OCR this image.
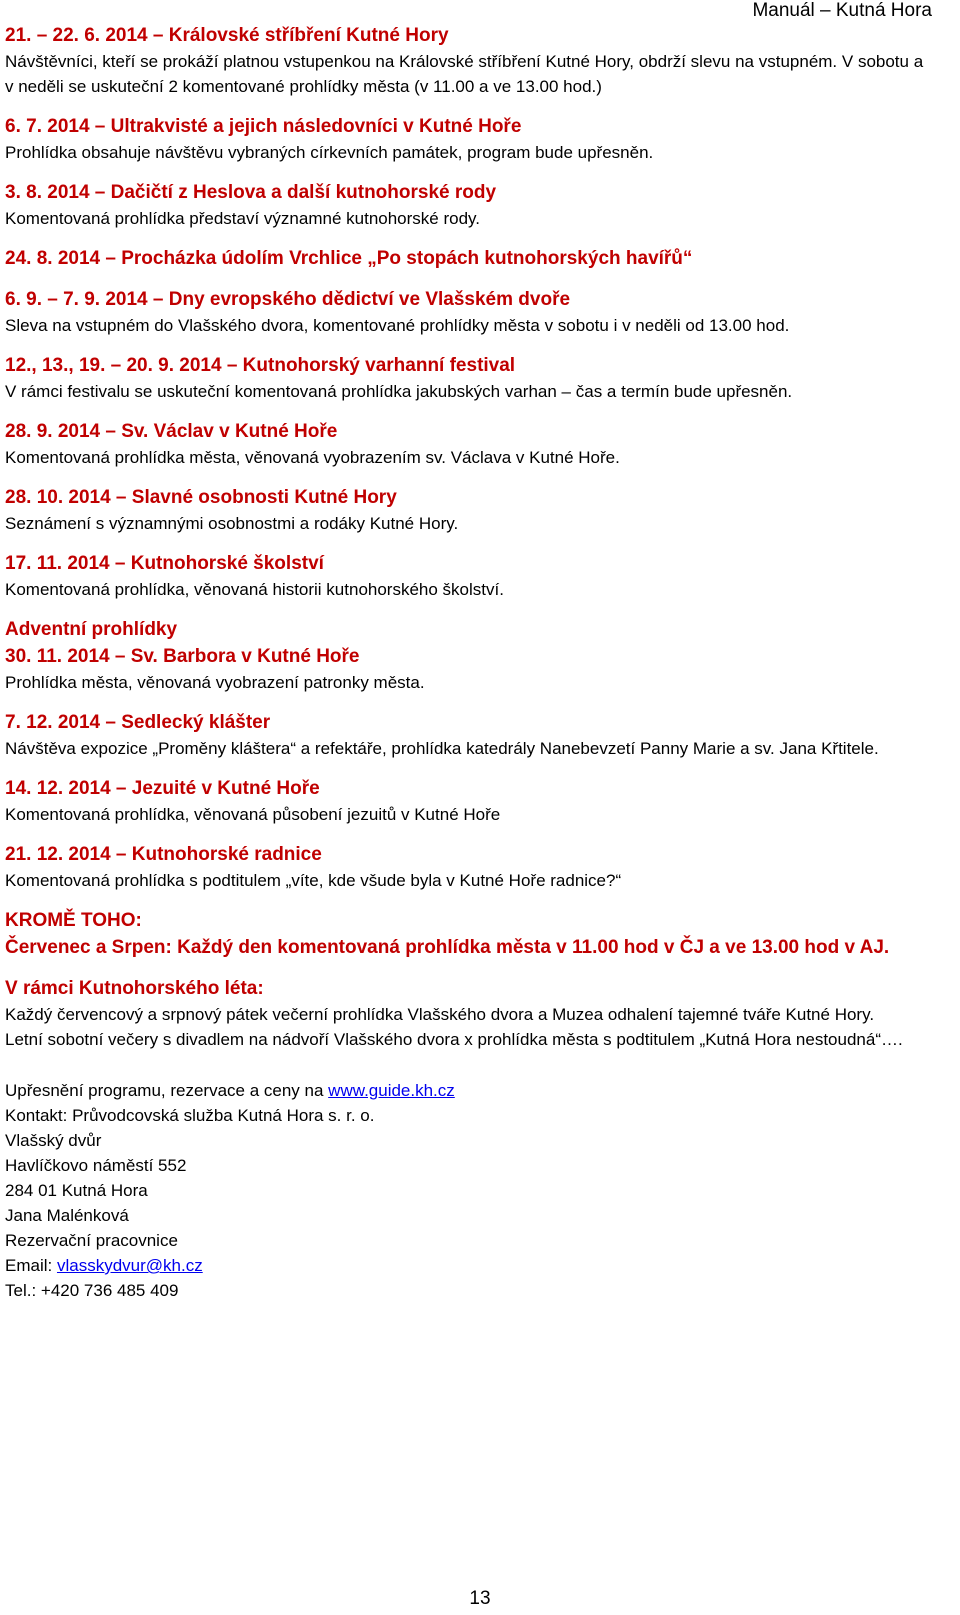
Manuál – Kutná Hora
21. – 22. 6. 2014 – Královské stříbření Kutné Hory
Návštěvníci, kteří se prokáží platnou vstupenkou na Královské stříbření Kutné Hory, obdrží slevu na vstupném. V sobotu a v neděli se uskuteční 2 komentované prohlídky města (v 11.00 a ve 13.00 hod.)
6. 7. 2014 – Ultrakvisté a jejich následovníci v Kutné Hoře
Prohlídka obsahuje návštěvu vybraných církevních památek, program bude upřesněn.
3. 8. 2014 – Dačičtí z Heslova a další kutnohorské rody
Komentovaná prohlídka představí významné kutnohorské rody.
24. 8. 2014 – Procházka údolím Vrchlice „Po stopách kutnohorských havířů“
6. 9. – 7. 9. 2014 – Dny evropského dědictví ve Vlašském dvoře
Sleva na vstupném do Vlašského dvora, komentované prohlídky města v sobotu i v neděli od 13.00 hod.
12., 13., 19. – 20. 9. 2014 – Kutnohorský varhanní festival
V rámci festivalu se uskuteční komentovaná prohlídka jakubských varhan – čas a termín bude upřesněn.
28. 9. 2014 – Sv. Václav v Kutné Hoře
Komentovaná prohlídka města, věnovaná vyobrazením sv. Václava v Kutné Hoře.
28. 10. 2014 – Slavné osobnosti Kutné Hory
Seznámení s významnými osobnostmi a rodáky Kutné Hory.
17. 11. 2014 – Kutnohorské školství
Komentovaná prohlídka, věnovaná historii kutnohorského školství.
Adventní prohlídky
30. 11. 2014 – Sv. Barbora v Kutné Hoře
Prohlídka města, věnovaná vyobrazení patronky města.
7. 12. 2014 – Sedlecký klášter
Návštěva expozice „Proměny kláštera“ a refektáře, prohlídka katedrály Nanebevzetí Panny Marie a sv. Jana Křtitele.
14. 12. 2014 – Jezuité v Kutné Hoře
Komentovaná prohlídka, věnovaná působení jezuitů v Kutné Hoře
21. 12. 2014 – Kutnohorské radnice
Komentovaná prohlídka s podtitulem „víte, kde všude byla v Kutné Hoře radnice?“
KROMĚ TOHO:
Červenec a Srpen: Každý den komentovaná prohlídka města v 11.00 hod v ČJ a ve 13.00 hod v AJ.
V rámci Kutnohorského léta:
Každý červencový a srpnový pátek večerní prohlídka Vlašského dvora a Muzea odhalení tajemné tváře Kutné Hory.
Letní sobotní večery s divadlem na nádvoří Vlašského dvora x prohlídka města s podtitulem „Kutná Hora nestoudná“….
Upřesnění programu, rezervace a ceny na www.guide.kh.cz
Kontakt: Průvodcovská služba Kutná Hora s. r. o.
Vlašský dvůr
Havlíčkovo náměstí 552
284 01 Kutná Hora
Jana Malénková
Rezervační pracovnice
Email: vlasskydvur@kh.cz
Tel.: +420 736 485 409
13
